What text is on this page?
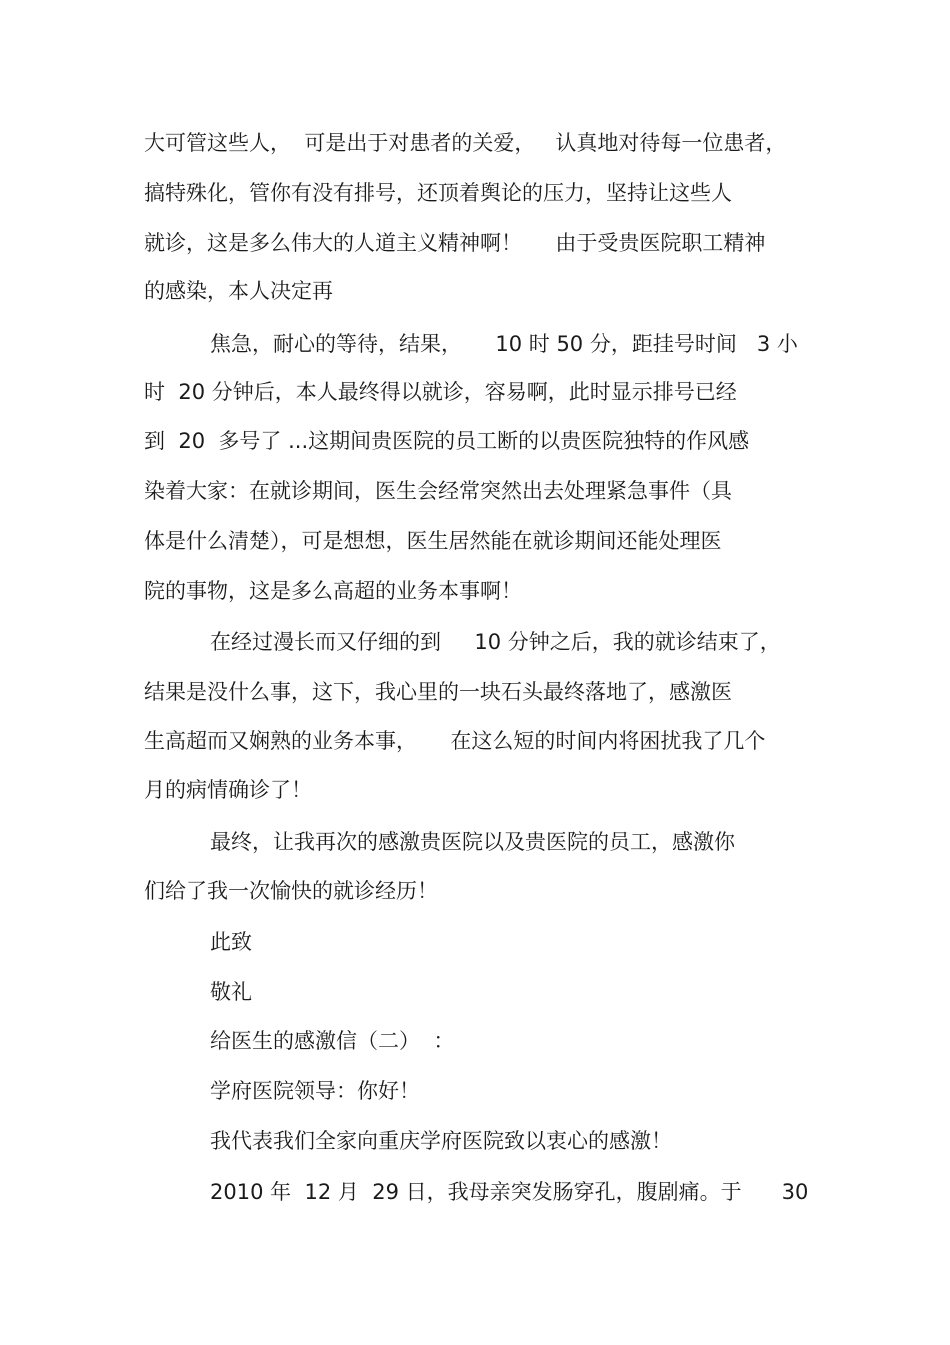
大可管这些人，  可是出于对患者的关爱，   认真地对待每一位患者，
搞特殊化，管你有没有排号，还顶着舆论的压力，坚持让这些人
就诊，这是多么伟大的人道主义精神啊！     由于受贵医院职工精神
的感染，本人决定再
焦急，耐心的等待，结果，     10 时 50 分，距挂号时间   3 小
时  20 分钟后，本人最终得以就诊，容易啊，此时显示排号已经
到  20  多号了 ...这期间贵医院的员工断的以贵医院独特的作风感
染着大家：在就诊期间，医生会经常突然出去处理紧急事件（具
体是什么清楚），可是想想，医生居然能在就诊期间还能处理医
院的事物，这是多么高超的业务本事啊！
在经过漫长而又仔细的到     10 分钟之后，我的就诊结束了，
结果是没什么事，这下，我心里的一块石头最终落地了，感激医
生高超而又娴熟的业务本事，     在这么短的时间内将困扰我了几个
月的病情确诊了！
最终，让我再次的感激贵医院以及贵医院的员工，感激你
们给了我一次愉快的就诊经历！
此致
敬礼
给医生的感激信（二）  ：
学府医院领导：你好！
我代表我们全家向重庆学府医院致以衷心的感激！
2010 年  12 月  29 日，我母亲突发肠穿孔，腹剧痛。于      30
